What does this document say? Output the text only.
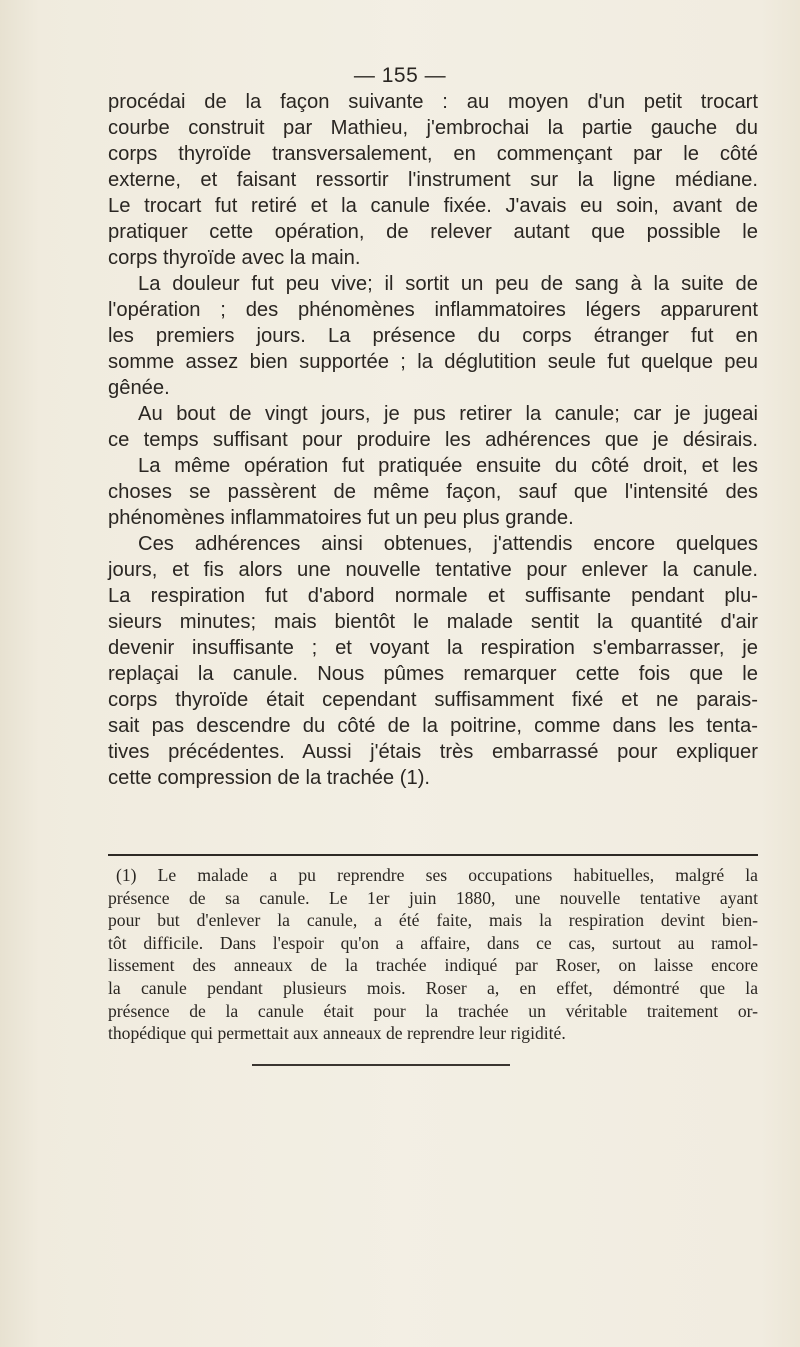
— 155 —
procédai de la façon suivante : au moyen d'un petit trocart
courbe construit par Mathieu, j'embrochai la partie gauche du
corps thyroïde transversalement, en commençant par le côté
externe, et faisant ressortir l'instrument sur la ligne médiane.
Le trocart fut retiré et la canule fixée. J'avais eu soin, avant de
pratiquer cette opération, de relever autant que possible le
corps thyroïde avec la main.
La douleur fut peu vive; il sortit un peu de sang à la suite de
l'opération ; des phénomènes inflammatoires légers apparurent
les premiers jours. La présence du corps étranger fut en
somme assez bien supportée ; la déglutition seule fut quelque peu
gênée.
Au bout de vingt jours, je pus retirer la canule; car je jugeai
ce temps suffisant pour produire les adhérences que je désirais.
La même opération fut pratiquée ensuite du côté droit, et les
choses se passèrent de même façon, sauf que l'intensité des
phénomènes inflammatoires fut un peu plus grande.
Ces adhérences ainsi obtenues, j'attendis encore quelques
jours, et fis alors une nouvelle tentative pour enlever la canule.
La respiration fut d'abord normale et suffisante pendant plu-
sieurs minutes; mais bientôt le malade sentit la quantité d'air
devenir insuffisante ; et voyant la respiration s'embarrasser, je
replaçai la canule. Nous pûmes remarquer cette fois que le
corps thyroïde était cependant suffisamment fixé et ne parais-
sait pas descendre du côté de la poitrine, comme dans les tenta-
tives précédentes. Aussi j'étais très embarrassé pour expliquer
cette compression de la trachée (1).
(1) Le malade a pu reprendre ses occupations habituelles, malgré la
présence de sa canule. Le 1er juin 1880, une nouvelle tentative ayant
pour but d'enlever la canule, a été faite, mais la respiration devint bien-
tôt difficile. Dans l'espoir qu'on a affaire, dans ce cas, surtout au ramol-
lissement des anneaux de la trachée indiqué par Roser, on laisse encore
la canule pendant plusieurs mois. Roser a, en effet, démontré que la
présence de la canule était pour la trachée un véritable traitement or-
thopédique qui permettait aux anneaux de reprendre leur rigidité.
